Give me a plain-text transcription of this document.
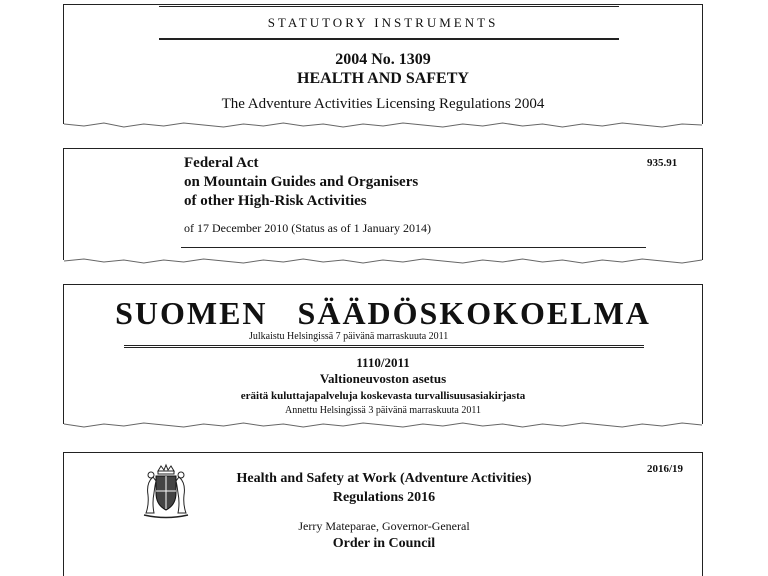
STATUTORY INSTRUMENTS
2004 No. 1309
HEALTH AND SAFETY
The Adventure Activities Licensing Regulations 2004
Federal Act
on Mountain Guides and Organisers
of other High-Risk Activities
of 17 December 2010 (Status as of 1 January 2014)
935.91
SUOMEN   SÄÄDÖSKOKOELMA
Julkaistu Helsingissä 7 päivänä marraskuuta 2011
1110/2011
Valtioneuvoston asetus
eräitä kuluttajapalveluja koskevasta turvallisuusasiakirjasta
Annettu Helsingissä 3 päivänä marraskuuta 2011
Health and Safety at Work (Adventure Activities)
Regulations 2016
2016/19
Jerry Mateparae, Governor-General
Order in Council
